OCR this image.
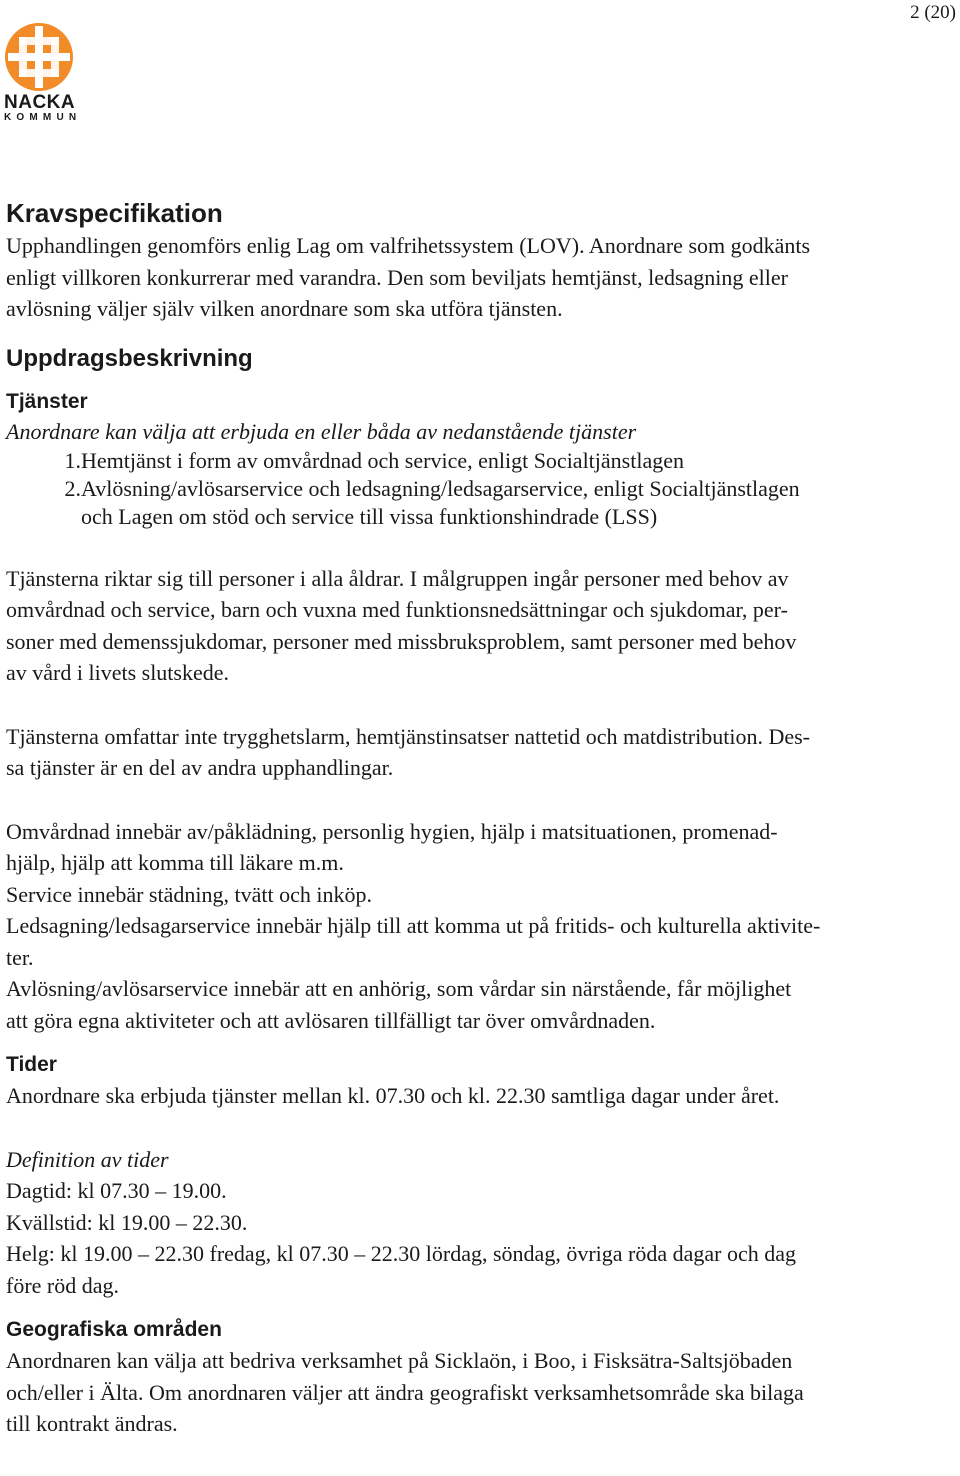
2 (20)
NACKA
KOMMUN
Kravspecifikation

Upphandlingen genomförs enlig Lag om valfrihetssystem (LOV). Anordnare som godkänts

enligt villkoren konkurrerar med varandra. Den som beviljats hemtjänst, ledsagning eller

avlösning väljer själv vilken anordnare som ska utföra tjänsten.

Uppdragsbeskrivning
Tjänster

Anordnare kan välja att erbjuda en eller båda av nedanstående tjänster

1. Hemtjänst i form av omvårdnad och service, enligt Socialtjänstlagen
2. Avlösning/avlösarservice och ledsagning/ledsagarservice, enligt Socialtjänstlagen
och Lagen om stöd och service till vissa funktionshindrade (LSS)

Tjänsterna riktar sig till personer i alla åldrar. I målgruppen ingår personer med behov av

omvårdnad och service, barn och vuxna med funktionsnedsättningar och sjukdomar, per-

soner med demenssjukdomar, personer med missbruksproblem, samt personer med behov

av vård i livets slutskede.

Tjänsterna omfattar inte trygghetslarm, hemtjänstinsatser nattetid och matdistribution. Des-

sa tjänster är en del av andra upphandlingar.

Omvårdnad innebär av/påklädning, personlig hygien, hjälp i matsituationen, promenad-

hjälp, hjälp att komma till läkare m.m.

Service innebär städning, tvätt och inköp.

Ledsagning/ledsagarservice innebär hjälp till att komma ut på fritids- och kulturella aktivite-

ter.

Avlösning/avlösarservice innebär att en anhörig, som vårdar sin närstående, får möjlighet

att göra egna aktiviteter och att avlösaren tillfälligt tar över omvårdnaden.

Tider

Anordnare ska erbjuda tjänster mellan kl. 07.30 och kl. 22.30 samtliga dagar under året.

Definition av tider

Dagtid: kl 07.30 – 19.00.

Kvällstid: kl 19.00 – 22.30.

Helg: kl 19.00 – 22.30 fredag, kl 07.30 – 22.30 lördag, söndag, övriga röda dagar och dag

före röd dag.

Geografiska områden

Anordnaren kan välja att bedriva verksamhet på Sicklaön, i Boo, i Fisksätra-Saltsjöbaden

och/eller i Älta. Om anordnaren väljer att ändra geografiskt verksamhetsområde ska bilaga

till kontrakt ändras.
